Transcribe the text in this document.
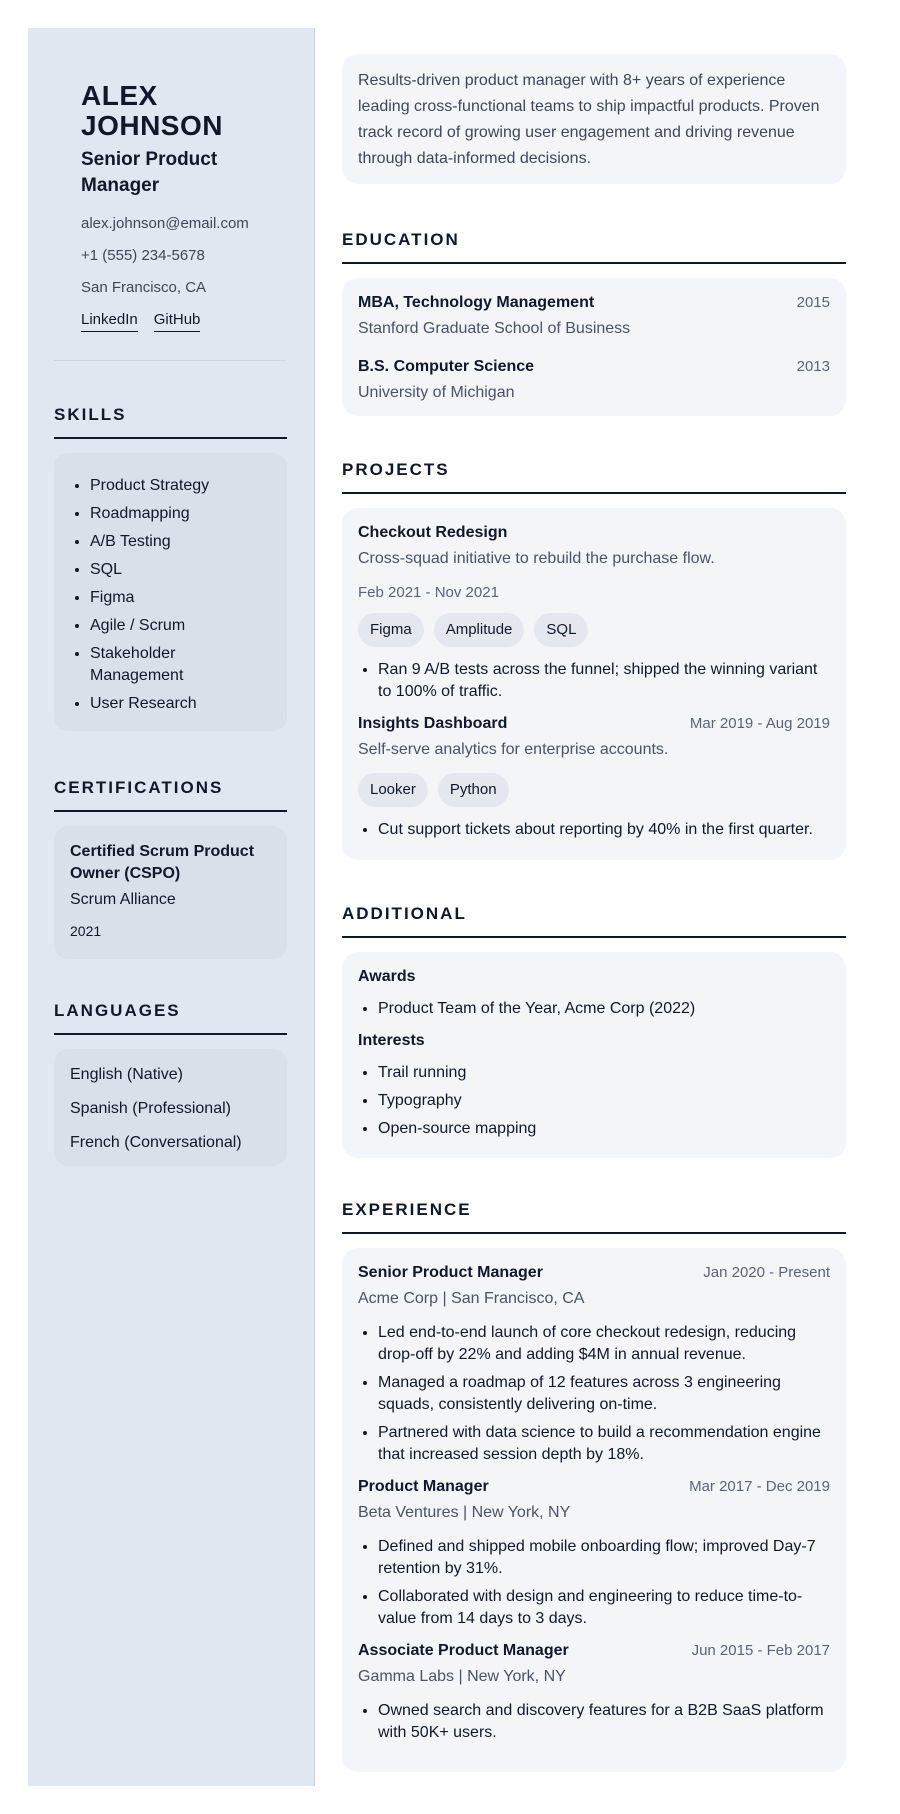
ALEX JOHNSON
Senior Product Manager
alex.johnson@email.com
+1 (555) 234-5678
San Francisco, CA
LinkedIn GitHub
SKILLS
• Product Strategy
• Roadmapping
• A/B Testing
• SQL
• Figma
• Agile / Scrum
• Stakeholder Management
• User Research
CERTIFICATIONS
Certified Scrum Product Owner (CSPO)
Scrum Alliance
2021
LANGUAGES
English (Native)
Spanish (Professional)
French (Conversational)

Results-driven product manager with 8+ years of experience leading cross-functional teams to ship impactful products. Proven track record of growing user engagement and driving revenue through data-informed decisions.

EDUCATION
MBA, Technology Management	2015
Stanford Graduate School of Business
B.S. Computer Science	2013
University of Michigan
PROJECTS
Checkout Redesign
Cross-squad initiative to rebuild the purchase flow.
Feb 2021 - Nov 2021
Figma	Amplitude	SQL
• Ran 9 A/B tests across the funnel; shipped the winning variant to 100% of traffic.
Insights Dashboard	Mar 2019 - Aug 2019
Self-serve analytics for enterprise accounts.
Looker	Python
• Cut support tickets about reporting by 40% in the first quarter.
ADDITIONAL
Awards
• Product Team of the Year, Acme Corp (2022)
Interests
• Trail running
• Typography
• Open-source mapping
EXPERIENCE
Senior Product Manager	Jan 2020 - Present
Acme Corp | San Francisco, CA
• Led end-to-end launch of core checkout redesign, reducing drop-off by 22% and adding $4M in annual revenue.
• Managed a roadmap of 12 features across 3 engineering squads, consistently delivering on-time.
• Partnered with data science to build a recommendation engine that increased session depth by 18%.
Product Manager	Mar 2017 - Dec 2019
Beta Ventures | New York, NY
• Defined and shipped mobile onboarding flow; improved Day-7 retention by 31%.
• Collaborated with design and engineering to reduce time-to-value from 14 days to 3 days.
Associate Product Manager	Jun 2015 - Feb 2017
Gamma Labs | New York, NY
• Owned search and discovery features for a B2B SaaS platform with 50K+ users.
